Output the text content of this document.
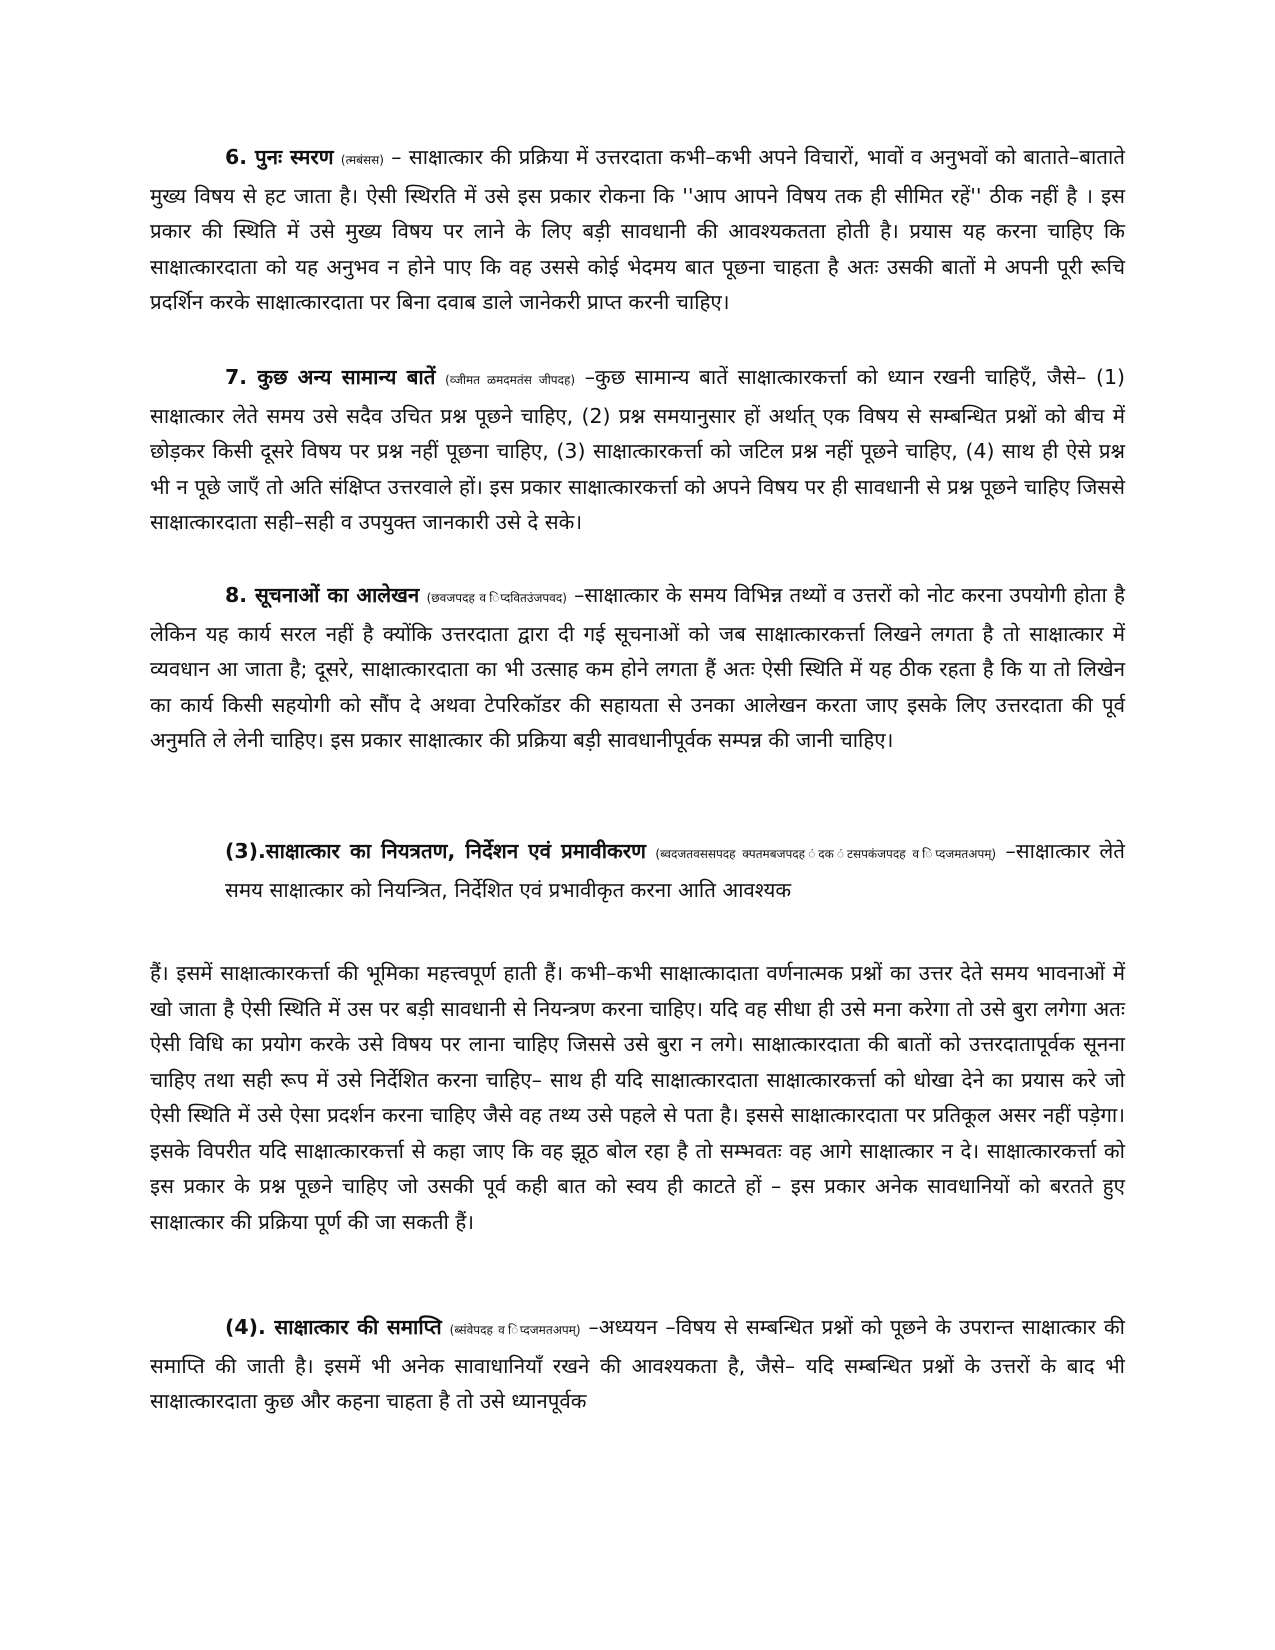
6. पुनः स्मरण (त्मबंसस) – साक्षात्कार की प्रक्रिया में उत्तरदाता कभी–कभी अपने विचारों, भावों व अनुभवों को बाताते–बाताते मुख्य विषय से हट जाता है। ऐसी स्थिरति में उसे इस प्रकार रोकना कि ''आप आपने विषय तक ही सीमित रहें'' ठीक नहीं है । इस प्रकार की स्थिति में उसे मुख्य विषय पर लाने के लिए बड़ी सावधानी की आवश्यकतता होती है। प्रयास यह करना चाहिए कि साक्षात्कारदाता को यह अनुभव न होने पाए कि वह उससे कोई भेदमय बात पूछना चाहता है अतः उसकी बातों मे अपनी पूरी रूचि प्रदर्शिन करके साक्षात्कारदाता पर बिना दवाब डाले जानेकरी प्राप्त करनी चाहिए।

7. कुछ अन्य सामान्य बातें (व्जीमत ळमदमतंस जीपदह) –कुछ सामान्य बातें साक्षात्कारकर्त्ता को ध्यान रखनी चाहिएँ, जैसे– (1) साक्षात्कार लेते समय उसे सदैव उचित प्रश्न पूछने चाहिए, (2) प्रश्न समयानुसार हों अर्थात् एक विषय से सम्बन्धित प्रश्नों को बीच में छोड़कर किसी दूसरे विषय पर प्रश्न नहीं पूछना चाहिए, (3) साक्षात्कारकर्त्ता को जटिल प्रश्न नहीं पूछने चाहिए, (4) साथ ही ऐसे प्रश्न भी न पूछे जाएँ तो अति संक्षिप्त उत्तरवाले हों। इस प्रकार साक्षात्कारकर्त्ता को अपने विषय पर ही सावधानी से प्रश्न पूछने चाहिए जिससे साक्षात्कारदाता सही–सही व उपयुक्त जानकारी उसे दे सके।

8. सूचनाओं का आलेखन (छवजपदह व िप्दवितउंजपवद) –साक्षात्कार के समय विभिन्न तथ्यों व उत्तरों को नोट करना उपयोगी होता है लेकिन यह कार्य सरल नहीं है क्योंकि उत्तरदाता द्वारा दी गई सूचनाओं को जब साक्षात्कारकर्त्ता लिखने लगता है तो साक्षात्कार में व्यवधान आ जाता है; दूसरे, साक्षात्कारदाता का भी उत्साह कम होने लगता हैं अतः ऐसी स्थिति में यह ठीक रहता है कि या तो लिखेन का कार्य किसी सहयोगी को सौंप दे अथवा टेपरिकॉडर की सहायता से उनका आलेखन करता जाए इसके लिए उत्तरदाता की पूर्व अनुमति ले लेनी चाहिए। इस प्रकार साक्षात्कार की प्रक्रिया बड़ी सावधानीपूर्वक सम्पन्न की जानी चाहिए।

(3).साक्षात्कार का नियत्रतण, निर्देशन एवं प्रमावीकरण (ब्वदजतवससपदह क्पतमबजपदह ंदक ंटसपकंजपदह व िप्दजमतअपम्) –साक्षात्कार लेते समय साक्षात्कार को नियन्त्रित, निर्देशित एवं प्रभावीकृत करना आति आवश्यक

हैं। इसमें साक्षात्कारकर्त्ता की भूमिका महत्त्वपूर्ण हाती हैं। कभी–कभी साक्षात्कादाता वर्णनात्मक प्रश्नों का उत्तर देते समय भावनाओं में खो जाता है ऐसी स्थिति में उस पर बड़ी सावधानी से नियन्त्रण करना चाहिए। यदि वह सीधा ही उसे मना करेगा तो उसे बुरा लगेगा अतः ऐसी विधि का प्रयोग करके उसे विषय पर लाना चाहिए जिससे उसे बुरा न लगे। साक्षात्कारदाता की बातों को उत्तरदातापूर्वक सूनना चाहिए तथा सही रूप में उसे निर्देशित करना चाहिए– साथ ही यदि साक्षात्कारदाता साक्षात्कारकर्त्ता को धोखा देने का प्रयास करे जो ऐसी स्थिति में उसे ऐसा प्रदर्शन करना चाहिए जैसे वह तथ्य उसे पहले से पता है। इससे साक्षात्कारदाता पर प्रतिकूल असर नहीं पड़ेगा। इसके विपरीत यदि साक्षात्कारकर्त्ता से कहा जाए कि वह झूठ बोल रहा है तो सम्भवतः वह आगे साक्षात्कार न दे। साक्षात्कारकर्त्ता को इस प्रकार के प्रश्न पूछने चाहिए जो उसकी पूर्व कही बात को स्वय ही काटते हों – इस प्रकार अनेक सावधानियों को बरतते हुए साक्षात्कार की प्रक्रिया पूर्ण की जा सकती हैं।

(4). साक्षात्कार की समाप्ति (ब्संवेपदह व िप्दजमतअपम्) –अध्ययन –विषय से सम्बन्धित प्रश्नों को पूछने के उपरान्त साक्षात्कार की समाप्ति की जाती है। इसमें भी अनेक सावाधानियाँ रखने की आवश्यकता है, जैसे– यदि सम्बन्धित प्रश्नों के उत्तरों के बाद भी साक्षात्कारदाता कुछ और कहना चाहता है तो उसे ध्यानपूर्वक
